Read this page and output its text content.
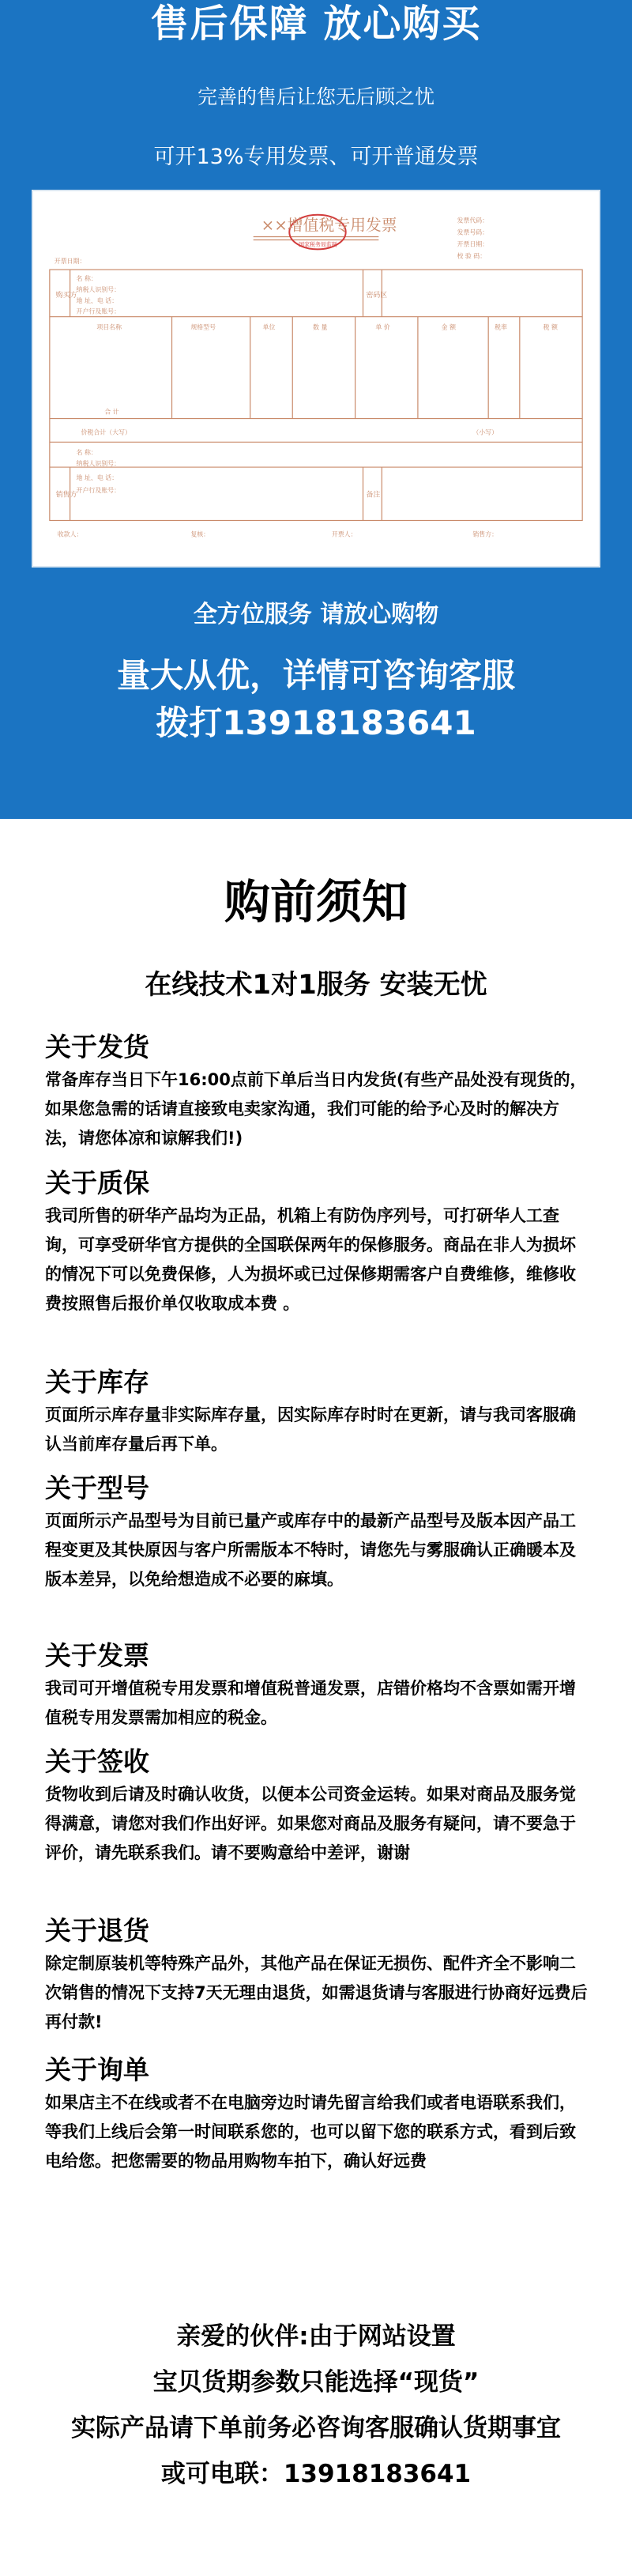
售后保障 放心购买
完善的售后让您无后顾之忧
可开13%专用发票、可开普通发票
××增值税专用发票
国家税务局监制
开票日期：
发票代码：
发票号码：
开票日期：
校 验 码：
购买方
名 称：
纳税人识别号：
地 址、电 话：
开户行及账号：
密码区
项目名称	规格型号	单位	数 量	单 价	金 额	税率	税 额
合 计
价税合计（大写）	（小写）
销售方
名 称：
纳税人识别号：
地 址、电 话：
开户行及账号：
备注
收款人：	复核：	开票人：	销售方：
全方位服务 请放心购物
量大从优，详情可咨询客服
拨打13918183641
购前须知
在线技术1对1服务 安装无忧
关于发货
常备库存当日下午16:00点前下单后当日内发货(有些产品处没有现货的，如果您急需的话请直接致电卖家沟通，我们可能的给予心及时的解决方法，请您体凉和谅解我们!)
关于质保
我司所售的研华产品均为正品，机箱上有防伪序列号，可打研华人工查询，可享受研华官方提供的全国联保两年的保修服务。商品在非人为损坏的情况下可以免费保修，人为损坏或已过保修期需客户自费维修，维修收费按照售后报价单仅收取成本费 。
关于库存
页面所示库存量非实际库存量，因实际库存时时在更新，请与我司客服确认当前库存量后再下单。
关于型号
页面所示产品型号为目前已量产或库存中的最新产品型号及版本因产品工程变更及其快原因与客户所需版本不特时，请您先与雾服确认正确暖本及版本差异，以免给想造成不必要的麻填。
关于发票
我司可开增值税专用发票和增值税普通发票，店错价格均不含票如需开增值税专用发票需加相应的税金。
关于签收
货物收到后请及时确认收货，以便本公司资金运转。如果对商品及服务觉得满意，请您对我们作出好评。如果您对商品及服务有疑问，请不要急于评价，请先联系我们。请不要购意给中差评，谢谢
关于退货
除定制原装机等特殊产品外，其他产品在保证无损伤、配件齐全不影响二次销售的情况下支持7天无理由退货，如需退货请与客服进行协商好远费后再付款!
关于询单
如果店主不在线或者不在电脑旁边时请先留言给我们或者电语联系我们，等我们上线后会第一时间联系您的，也可以留下您的联系方式，看到后致电给您。把您需要的物品用购物车拍下，确认好远费
亲爱的伙伴:由于网站设置
宝贝货期参数只能选择“现货”
实际产品请下单前务必咨询客服确认货期事宜
或可电联：13918183641
